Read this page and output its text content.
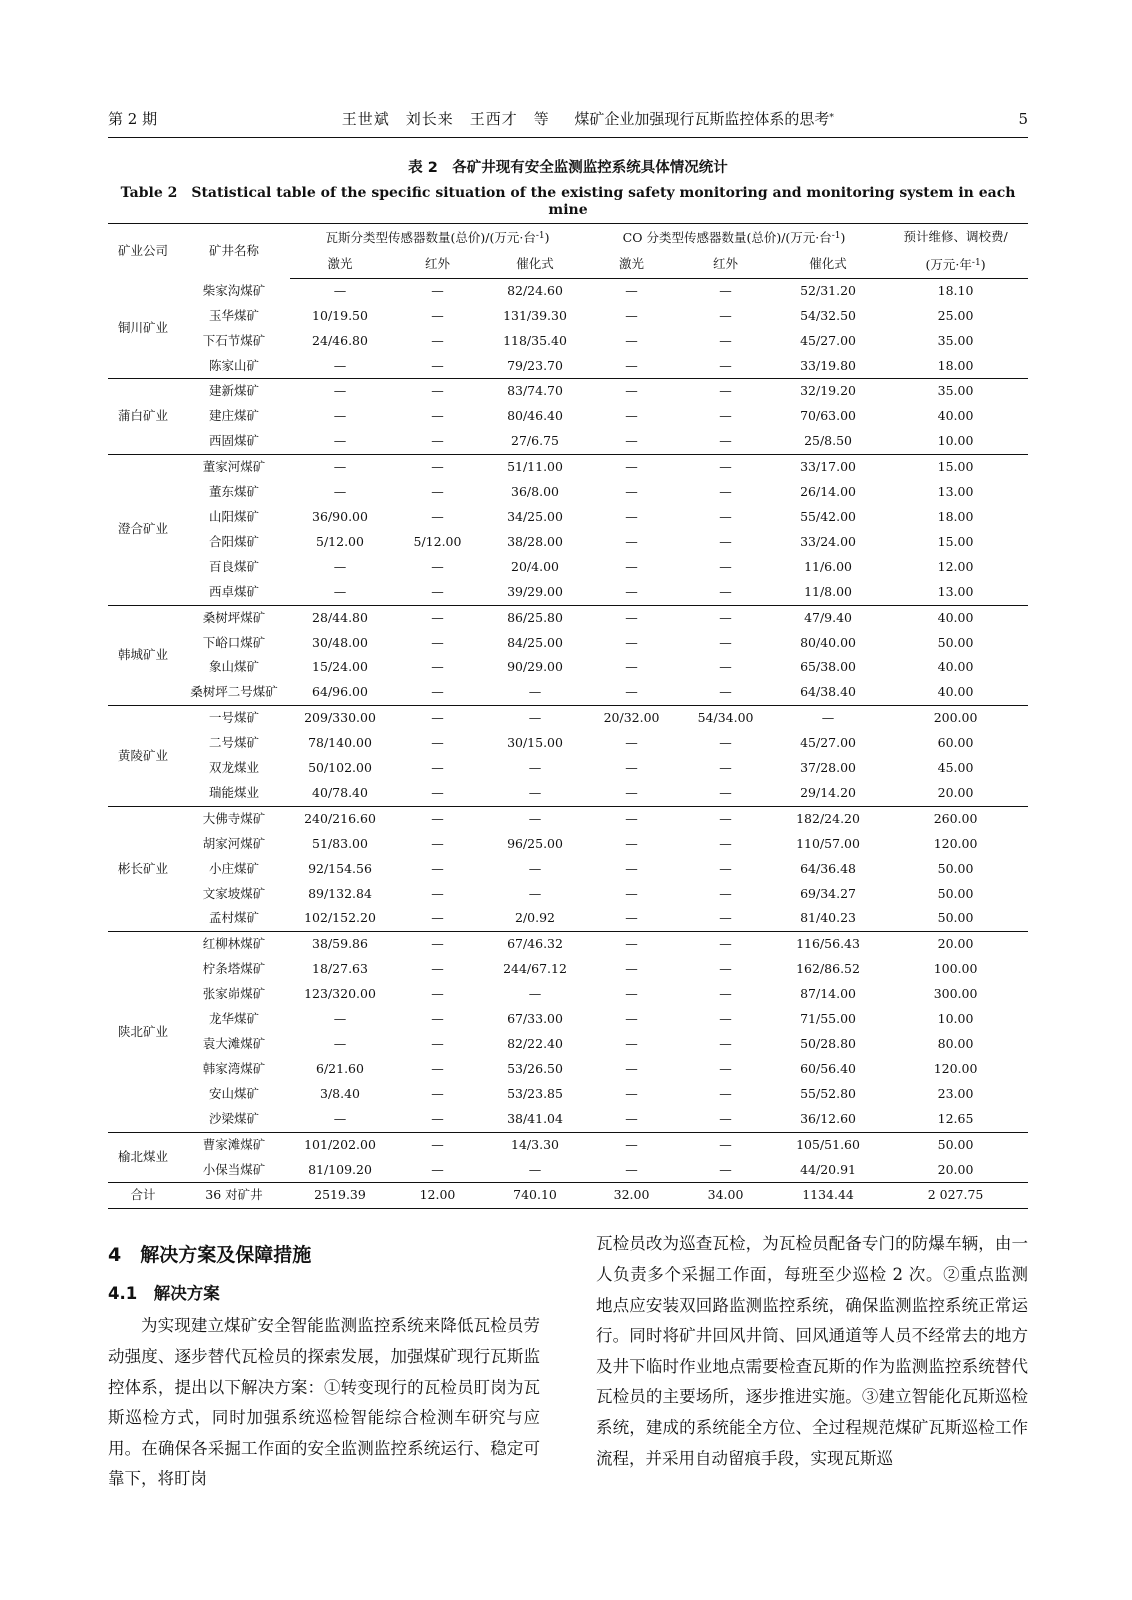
第 2 期	王世斌　刘长来　王西才　等 　 煤矿企业加强现行瓦斯监控体系的思考*	5
表 2　各矿井现有安全监测监控系统具体情况统计
Table 2　Statistical table of the specific situation of the existing safety monitoring and monitoring system in each mine
矿业公司	矿井名称	瓦斯分类型传感器数量(总价)/(万元·台$^{-1}$)			CO 分类型传感器数量(总价)/(万元·台$^{-1}$)			预计维修、调校费/
		激光	红外	催化式	激光	红外	催化式	(万元·年$^{-1}$)
铜川矿业	柴家沟煤矿	—	—	82/24.60	—	—	52/31.20	18.10
	玉华煤矿	10/19.50	—	131/39.30	—	—	54/32.50	25.00
	下石节煤矿	24/46.80	—	118/35.40	—	—	45/27.00	35.00
	陈家山矿	—	—	79/23.70	—	—	33/19.80	18.00
蒲白矿业	建新煤矿	—	—	83/74.70	—	—	32/19.20	35.00
	建庄煤矿	—	—	80/46.40	—	—	70/63.00	40.00
	西固煤矿	—	—	27/6.75	—	—	25/8.50	10.00
澄合矿业	董家河煤矿	—	—	51/11.00	—	—	33/17.00	15.00
	董东煤矿	—	—	36/8.00	—	—	26/14.00	13.00
	山阳煤矿	36/90.00	—	34/25.00	—	—	55/42.00	18.00
	合阳煤矿	5/12.00	5/12.00	38/28.00	—	—	33/24.00	15.00
	百良煤矿	—	—	20/4.00	—	—	11/6.00	12.00
	西卓煤矿	—	—	39/29.00	—	—	11/8.00	13.00
韩城矿业	桑树坪煤矿	28/44.80	—	86/25.80	—	—	47/9.40	40.00
	下峪口煤矿	30/48.00	—	84/25.00	—	—	80/40.00	50.00
	象山煤矿	15/24.00	—	90/29.00	—	—	65/38.00	40.00
	桑树坪二号煤矿	64/96.00	—	—	—	—	64/38.40	40.00
黄陵矿业	一号煤矿	209/330.00	—	—	20/32.00	54/34.00	—	200.00
	二号煤矿	78/140.00	—	30/15.00	—	—	45/27.00	60.00
	双龙煤业	50/102.00	—	—	—	—	37/28.00	45.00
	瑞能煤业	40/78.40	—	—	—	—	29/14.20	20.00
彬长矿业	大佛寺煤矿	240/216.60	—	—	—	—	182/24.20	260.00
	胡家河煤矿	51/83.00	—	96/25.00	—	—	110/57.00	120.00
	小庄煤矿	92/154.56	—	—	—	—	64/36.48	50.00
	文家坡煤矿	89/132.84	—	—	—	—	69/34.27	50.00
	孟村煤矿	102/152.20	—	2/0.92	—	—	81/40.23	50.00
陕北矿业	红柳林煤矿	38/59.86	—	67/46.32	—	—	116/56.43	20.00
	柠条塔煤矿	18/27.63	—	244/67.12	—	—	162/86.52	100.00
	张家峁煤矿	123/320.00	—	—	—	—	87/14.00	300.00
	龙华煤矿	—	—	67/33.00	—	—	71/55.00	10.00
	袁大滩煤矿	—	—	82/22.40	—	—	50/28.80	80.00
	韩家湾煤矿	6/21.60	—	53/26.50	—	—	60/56.40	120.00
	安山煤矿	3/8.40	—	53/23.85	—	—	55/52.80	23.00
	沙梁煤矿	—	—	38/41.04	—	—	36/12.60	12.65
榆北煤业	曹家滩煤矿	101/202.00	—	14/3.30	—	—	105/51.60	50.00
	小保当煤矿	81/109.20	—	—	—	—	44/20.91	20.00
合计	36 对矿井	2519.39	12.00	740.10	32.00	34.00	1134.44	2 027.75
4　解决方案及保障措施
4.1　解决方案

为实现建立煤矿安全智能监测监控系统来降低瓦检员劳动强度、逐步替代瓦检员的探索发展，加强煤矿现行瓦斯监控体系，提出以下解决方案：①转变现行的瓦检员盯岗为瓦斯巡检方式，同时加强系统巡检智能综合检测车研究与应用。在确保各采掘工作面的安全监测监控系统运行、稳定可靠下，将盯岗

瓦检员改为巡查瓦检，为瓦检员配备专门的防爆车辆，由一人负责多个采掘工作面，每班至少巡检 2 次。②重点监测地点应安装双回路监测监控系统，确保监测监控系统正常运行。同时将矿井回风井筒、回风通道等人员不经常去的地方及井下临时作业地点需要检查瓦斯的作为监测监控系统替代瓦检员的主要场所，逐步推进实施。③建立智能化瓦斯巡检系统，建成的系统能全方位、全过程规范煤矿瓦斯巡检工作流程，并采用自动留痕手段，实现瓦斯巡
